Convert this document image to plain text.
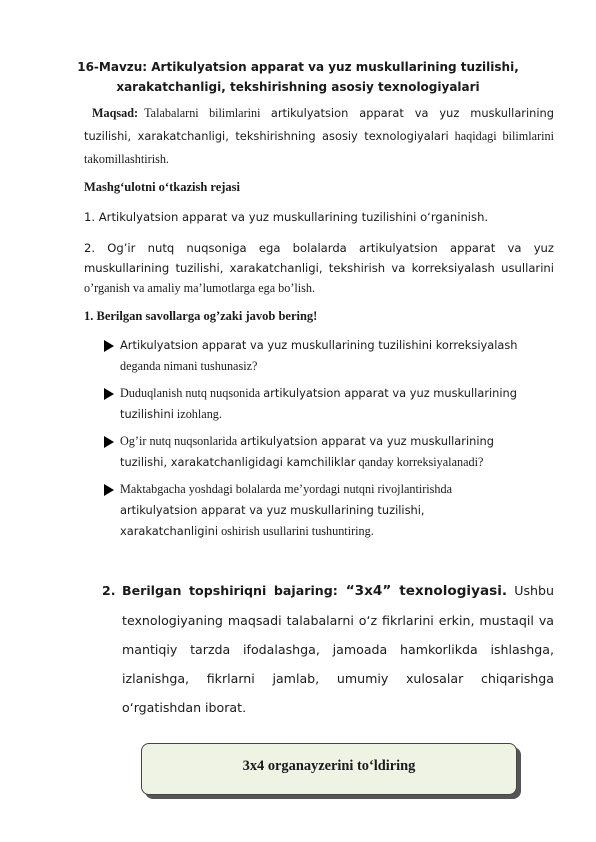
16-Mavzu: Artikulyatsion apparat va yuz muskullarining tuzilishi,
xarakatchanligi, tekshirishning asosiy texnologiyalari
Maqsad: Talabalarni bilimlarini artikulyatsion apparat va yuz muskullarining tuzilishi, xarakatchanligi, tekshirishning asosiy texnologiyalari haqidagi bilimlarini takomillashtirish.
Mashg‘ulotni o‘tkazish rejasi
1. Artikulyatsion apparat va yuz muskullarining tuzilishini o‘rganinish.
2. Og’ir nutq nuqsoniga ega bolalarda artikulyatsion apparat va yuz muskullarining tuzilishi, xarakatchanligi, tekshirish va korreksiyalash usullarini o’rganish va amaliy ma’lumotlarga ega bo’lish.
1. Berilgan savollarga og’zaki javob bering!
Artikulyatsion apparat va yuz muskullarining tuzilishini korreksiyalash
deganda nimani tushunasiz?
Duduqlanish nutq nuqsonida artikulyatsion apparat va yuz muskullarining tuzilishini izohlang.
Og’ir nutq nuqsonlarida artikulyatsion apparat va yuz muskullarining tuzilishi, xarakatchanligidagi kamchiliklar qanday korreksiyalanadi?
Maktabgacha yoshdagi bolalarda me’yordagi nutqni rivojlantirishda artikulyatsion apparat va yuz muskullarining tuzilishi, xarakatchanligini oshirish usullarini tushuntiring.
2. Berilgan topshiriqni bajaring: “3x4” texnologiyasi. Ushbu texnologiyaning maqsadi talabalarni o‘z fikrlarini erkin, mustaqil va mantiqiy tarzda ifodalashga, jamoada hamkorlikda ishlashga, izlanishga, fikrlarni jamlab, umumiy xulosalar chiqarishga o‘rgatishdan iborat.
3x4 organayzerini to‘ldiring
